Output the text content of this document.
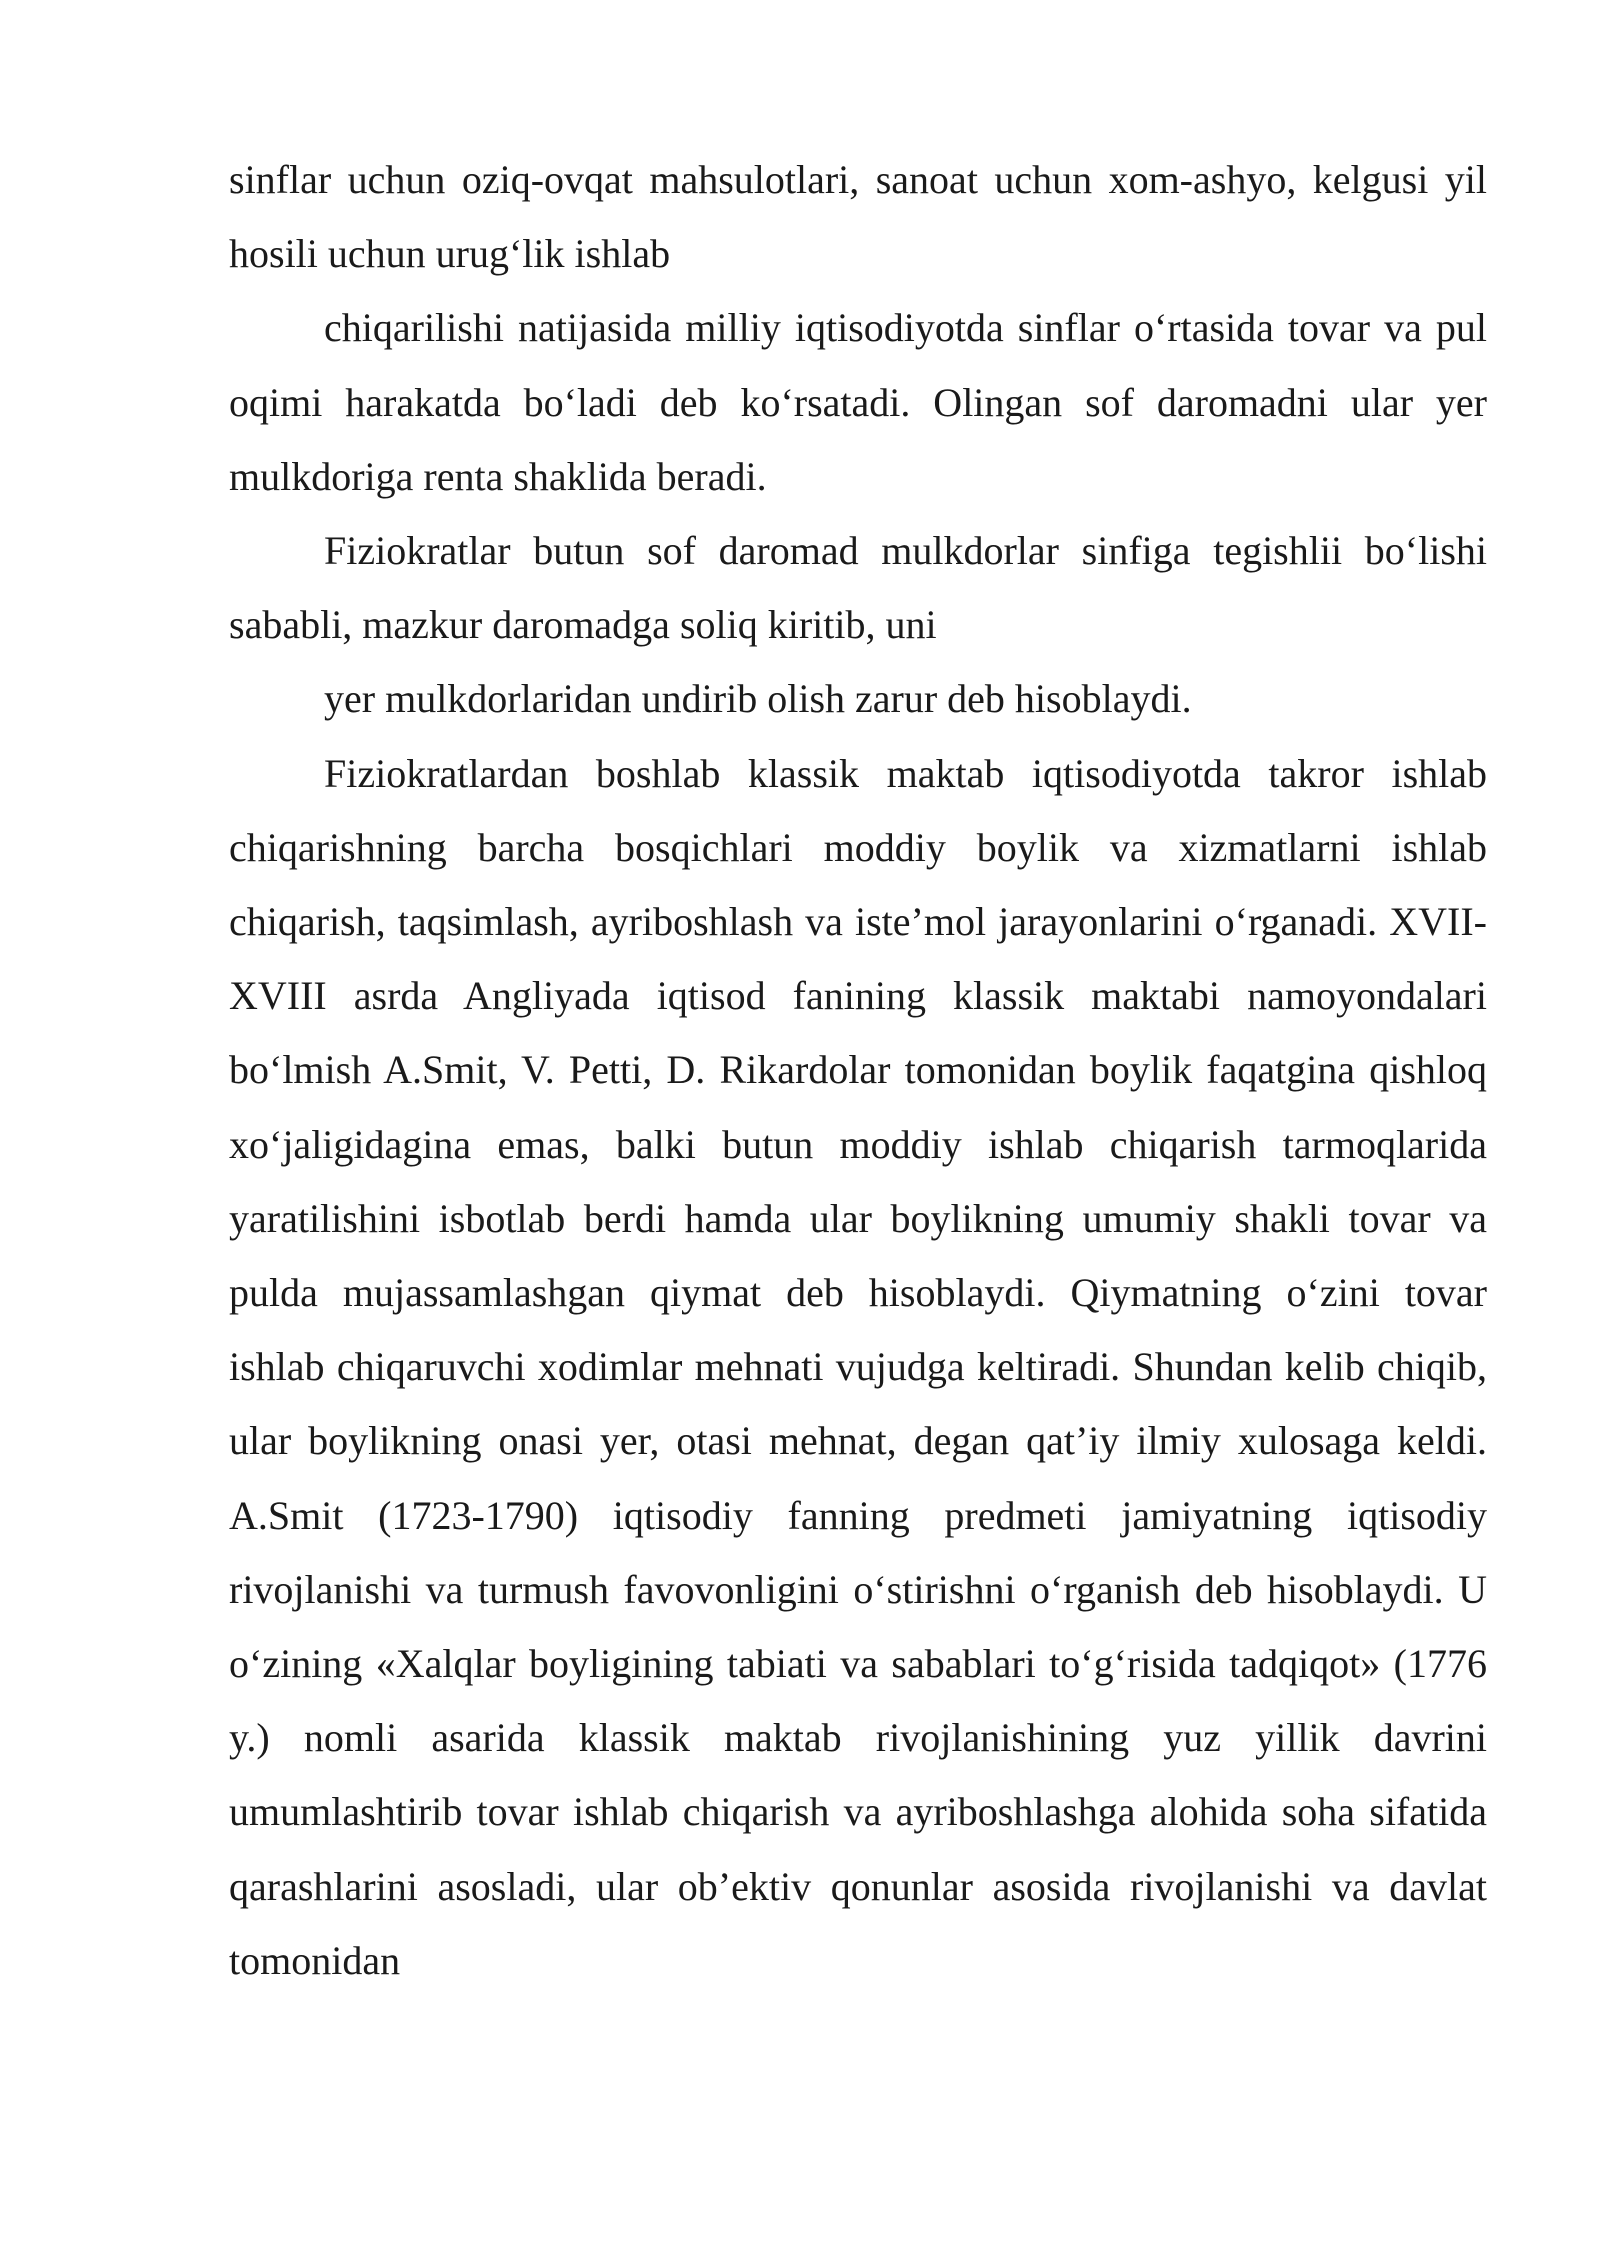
sinflar uchun oziq-ovqat mahsulotlari, sanoat uchun xom-ashyo, kelgusi yil hosili uchun urug‘lik ishlab

chiqarilishi natijasida milliy iqtisodiyotda sinflar o‘rtasida tovar va pul oqimi harakatda bo‘ladi deb ko‘rsatadi. Olingan sof daromadni ular yer mulkdoriga renta shaklida beradi.

Fiziokratlar butun sof daromad mulkdorlar sinfiga tegishlii bo‘lishi sababli, mazkur daromadga soliq kiritib, uni

yer mulkdorlaridan undirib olish zarur deb hisoblaydi.

Fiziokratlardan boshlab klassik maktab iqtisodiyotda takror ishlab chiqarishning barcha bosqichlari moddiy boylik va xizmatlarni ishlab chiqarish, taqsimlash, ayriboshlash va iste’mol jarayonlarini o‘rganadi. XVII-XVIII asrda Angliyada iqtisod fanining klassik maktabi namoyondalari bo‘lmish A.Smit, V. Petti, D. Rikardolar tomonidan boylik faqatgina qishloq xo‘jaligidagina emas, balki butun moddiy ishlab chiqarish tarmoqlarida yaratilishini isbotlab berdi hamda ular boylikning umumiy shakli tovar va pulda mujassamlashgan qiymat deb hisoblaydi. Qiymatning o‘zini tovar ishlab chiqaruvchi xodimlar mehnati vujudga keltiradi. Shundan kelib chiqib, ular boylikning onasi yer, otasi mehnat, degan qat’iy ilmiy xulosaga keldi. A.Smit (1723-1790) iqtisodiy fanning predmeti jamiyatning iqtisodiy rivojlanishi va turmush favovonligini o‘stirishni o‘rganish deb hisoblaydi. U o‘zining «Xalqlar boyligining tabiati va sabablari to‘g‘risida tadqiqot» (1776 y.) nomli asarida klassik maktab rivojlanishining yuz yillik davrini umumlashtirib tovar ishlab chiqarish va ayriboshlashga alohida soha sifatida qarashlarini asosladi, ular ob’ektiv qonunlar asosida rivojlanishi va davlat tomonidan
